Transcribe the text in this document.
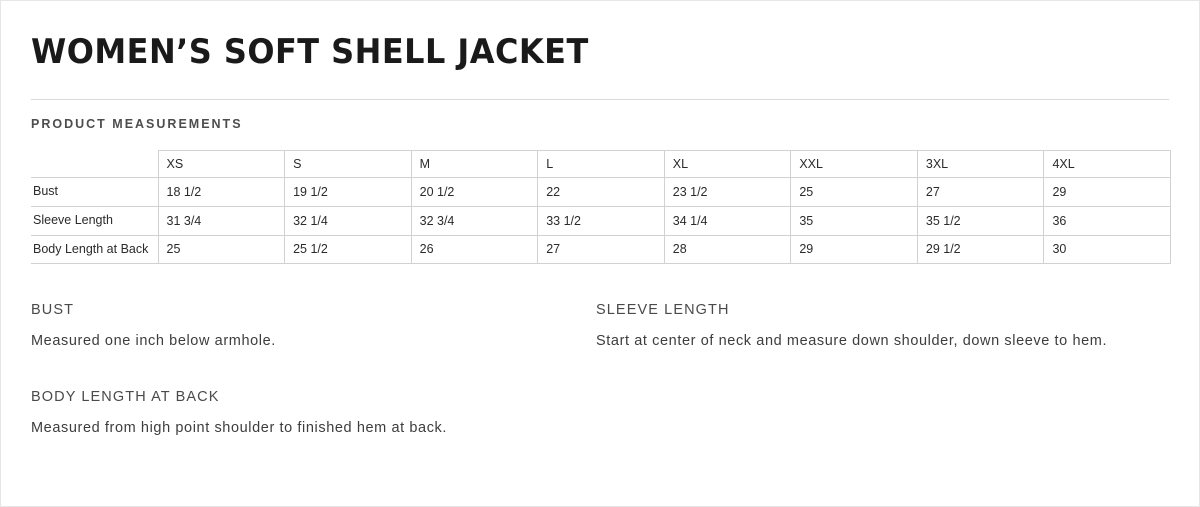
WOMEN’S SOFT SHELL JACKET
PRODUCT MEASUREMENTS
	XS	S	M	L	XL	XXL	3XL	4XL
Bust	18 1/2	19 1/2	20 1/2	22	23 1/2	25	27	29
Sleeve Length	31 3/4	32 1/4	32 3/4	33 1/2	34 1/4	35	35 1/2	36
Body Length at Back	25	25 1/2	26	27	28	29	29 1/2	30
BUST
Measured one inch below armhole.
SLEEVE LENGTH
Start at center of neck and measure down shoulder, down sleeve to hem.
BODY LENGTH AT BACK
Measured from high point shoulder to finished hem at back.
